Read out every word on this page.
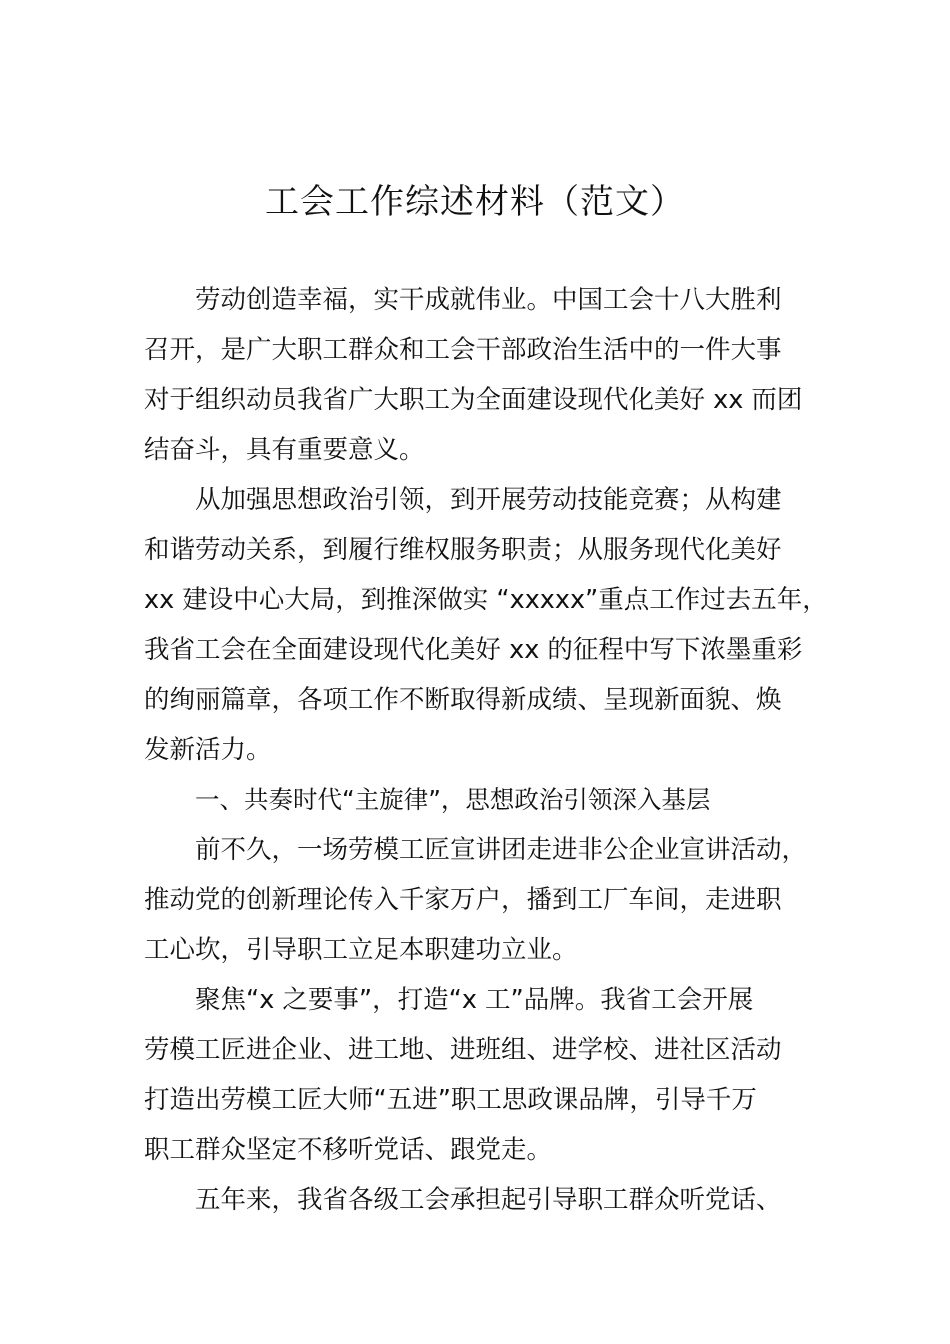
工会工作综述材料（范文）
劳动创造幸福，实干成就伟业。中国工会十八大胜利
召开，是广大职工群众和工会干部政治生活中的一件大事
对于组织动员我省广大职工为全面建设现代化美好 xx 而团
结奋斗，具有重要意义。
从加强思想政治引领，到开展劳动技能竞赛；从构建
和谐劳动关系，到履行维权服务职责；从服务现代化美好
xx 建设中心大局，到推深做实 “xxxxx”重点工作过去五年，
我省工会在全面建设现代化美好 xx 的征程中写下浓墨重彩
的绚丽篇章，各项工作不断取得新成绩、呈现新面貌、焕
发新活力。
一、共奏时代“主旋律”，思想政治引领深入基层
前不久，一场劳模工匠宣讲团走进非公企业宣讲活动，
推动党的创新理论传入千家万户，播到工厂车间，走进职
工心坎，引导职工立足本职建功立业。
聚焦“x 之要事”，打造“x 工”品牌。我省工会开展
劳模工匠进企业、进工地、进班组、进学校、进社区活动
打造出劳模工匠大师“五进”职工思政课品牌，引导千万
职工群众坚定不移听党话、跟党走。
五年来，我省各级工会承担起引导职工群众听党话、
